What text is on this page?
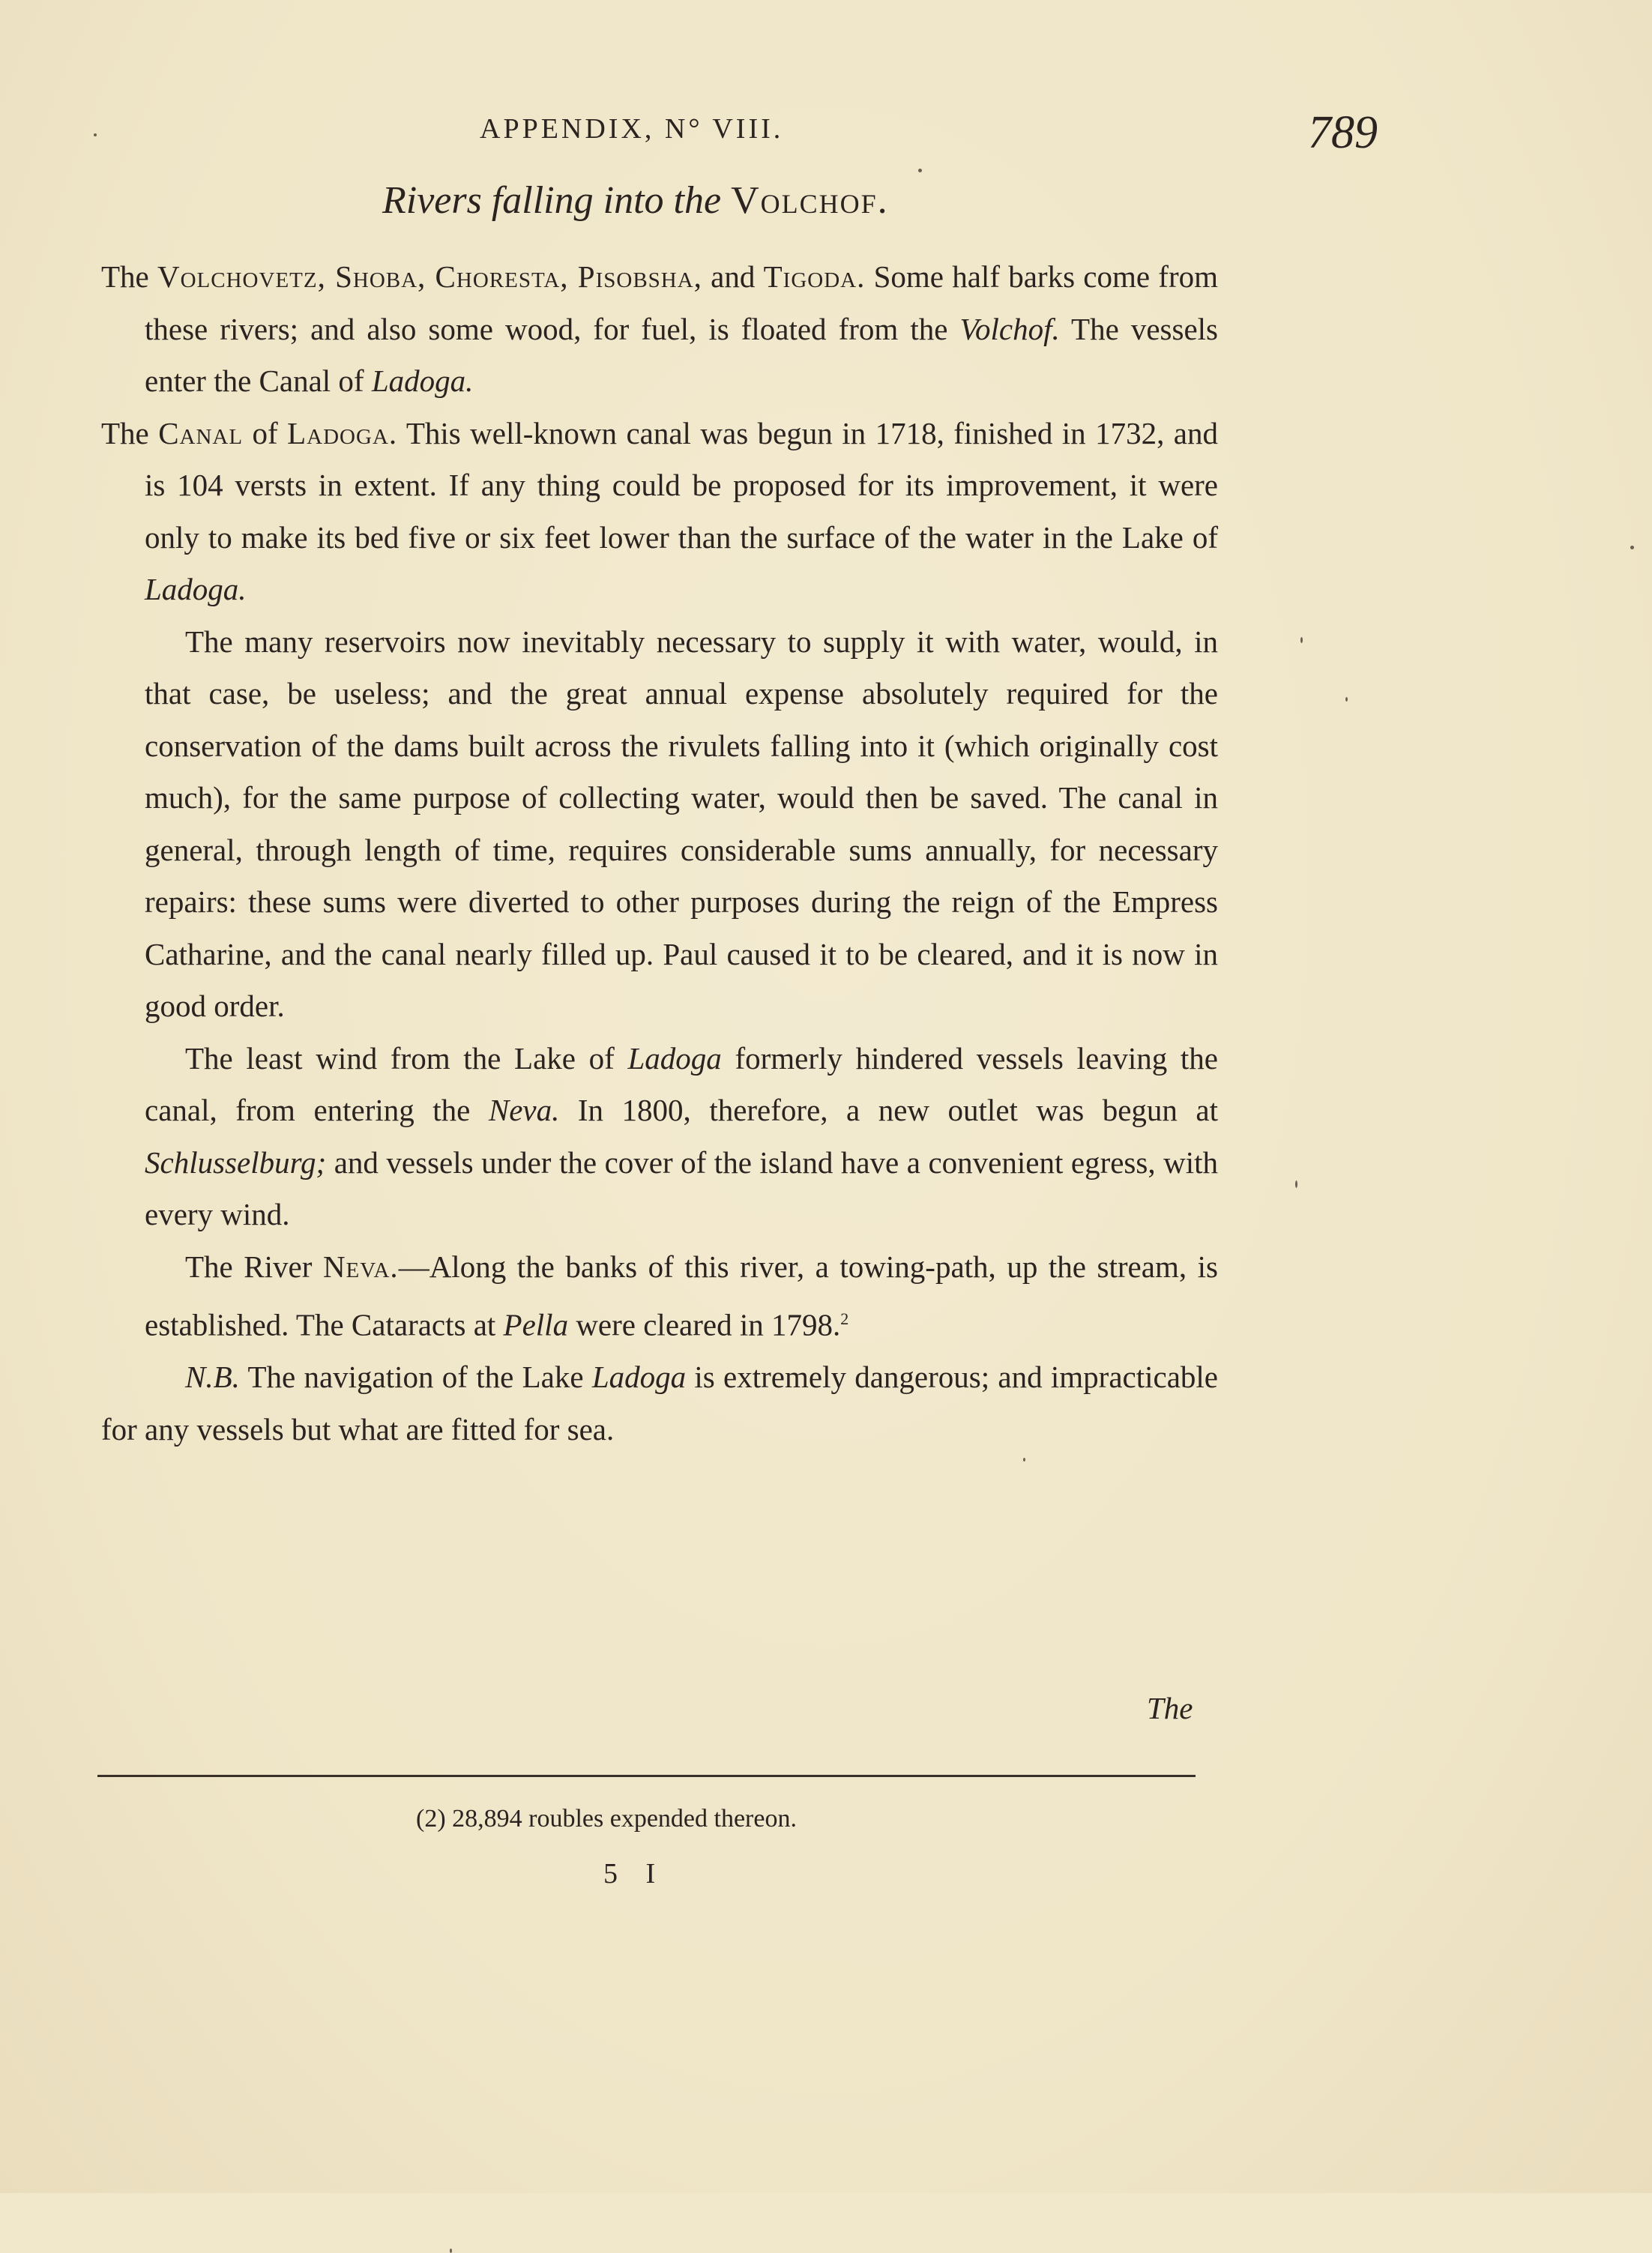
APPENDIX, N° VIII.	789
Rivers falling into the Volchof.

The Volchovetz, Shoba, Choresta, Pisobsha, and Tigoda. Some half barks come from these rivers; and also some wood, for fuel, is floated from the Volchof. The vessels enter the Canal of Ladoga.

The Canal of Ladoga. This well-known canal was begun in 1718, finished in 1732, and is 104 versts in extent. If any thing could be proposed for its improvement, it were only to make its bed five or six feet lower than the surface of the water in the Lake of Ladoga.

The many reservoirs now inevitably necessary to supply it with water, would, in that case, be useless; and the great annual expense absolutely required for the conservation of the dams built across the rivulets falling into it (which originally cost much), for the same purpose of collecting water, would then be saved. The canal in general, through length of time, requires considerable sums annually, for necessary repairs: these sums were diverted to other purposes during the reign of the Empress Catharine, and the canal nearly filled up. Paul caused it to be cleared, and it is now in good order.

The least wind from the Lake of Ladoga formerly hindered vessels leaving the canal, from entering the Neva. In 1800, therefore, a new outlet was begun at Schlusselburg; and vessels under the cover of the island have a convenient egress, with every wind.

The River Neva.—Along the banks of this river, a towing-path, up the stream, is established. The Cataracts at Pella were cleared in 1798.$^2$

N.B. The navigation of the Lake Ladoga is extremely dangerous; and impracticable for any vessels but what are fitted for sea.

The
(2) 28,894 roubles expended thereon.
5 I
